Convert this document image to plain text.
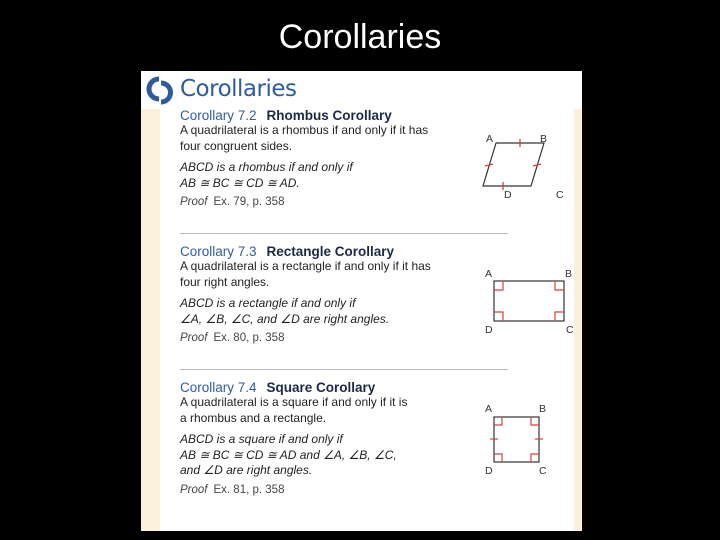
Corollaries
Corollaries
Corollary 7.2 Rhombus Corollary
A quadrilateral is a rhombus if and only if it has
four congruent sides.
ABCD is a rhombus if and only if
AB ≅ BC ≅ CD ≅ AD.
Proof Ex. 79, p. 358
A	B
C
D
Corollary 7.3 Rectangle Corollary
A quadrilateral is a rectangle if and only if it has
four right angles.
ABCD is a rectangle if and only if
∠A, ∠B, ∠C, and ∠D are right angles.
Proof Ex. 80, p. 358
A	B
C
D
Corollary 7.4 Square Corollary
A quadrilateral is a square if and only if it is
a rhombus and a rectangle.
ABCD is a square if and only if
AB ≅ BC ≅ CD ≅ AD and ∠A, ∠B, ∠C,
and ∠D are right angles.
Proof Ex. 81, p. 358
A	B
C
D
